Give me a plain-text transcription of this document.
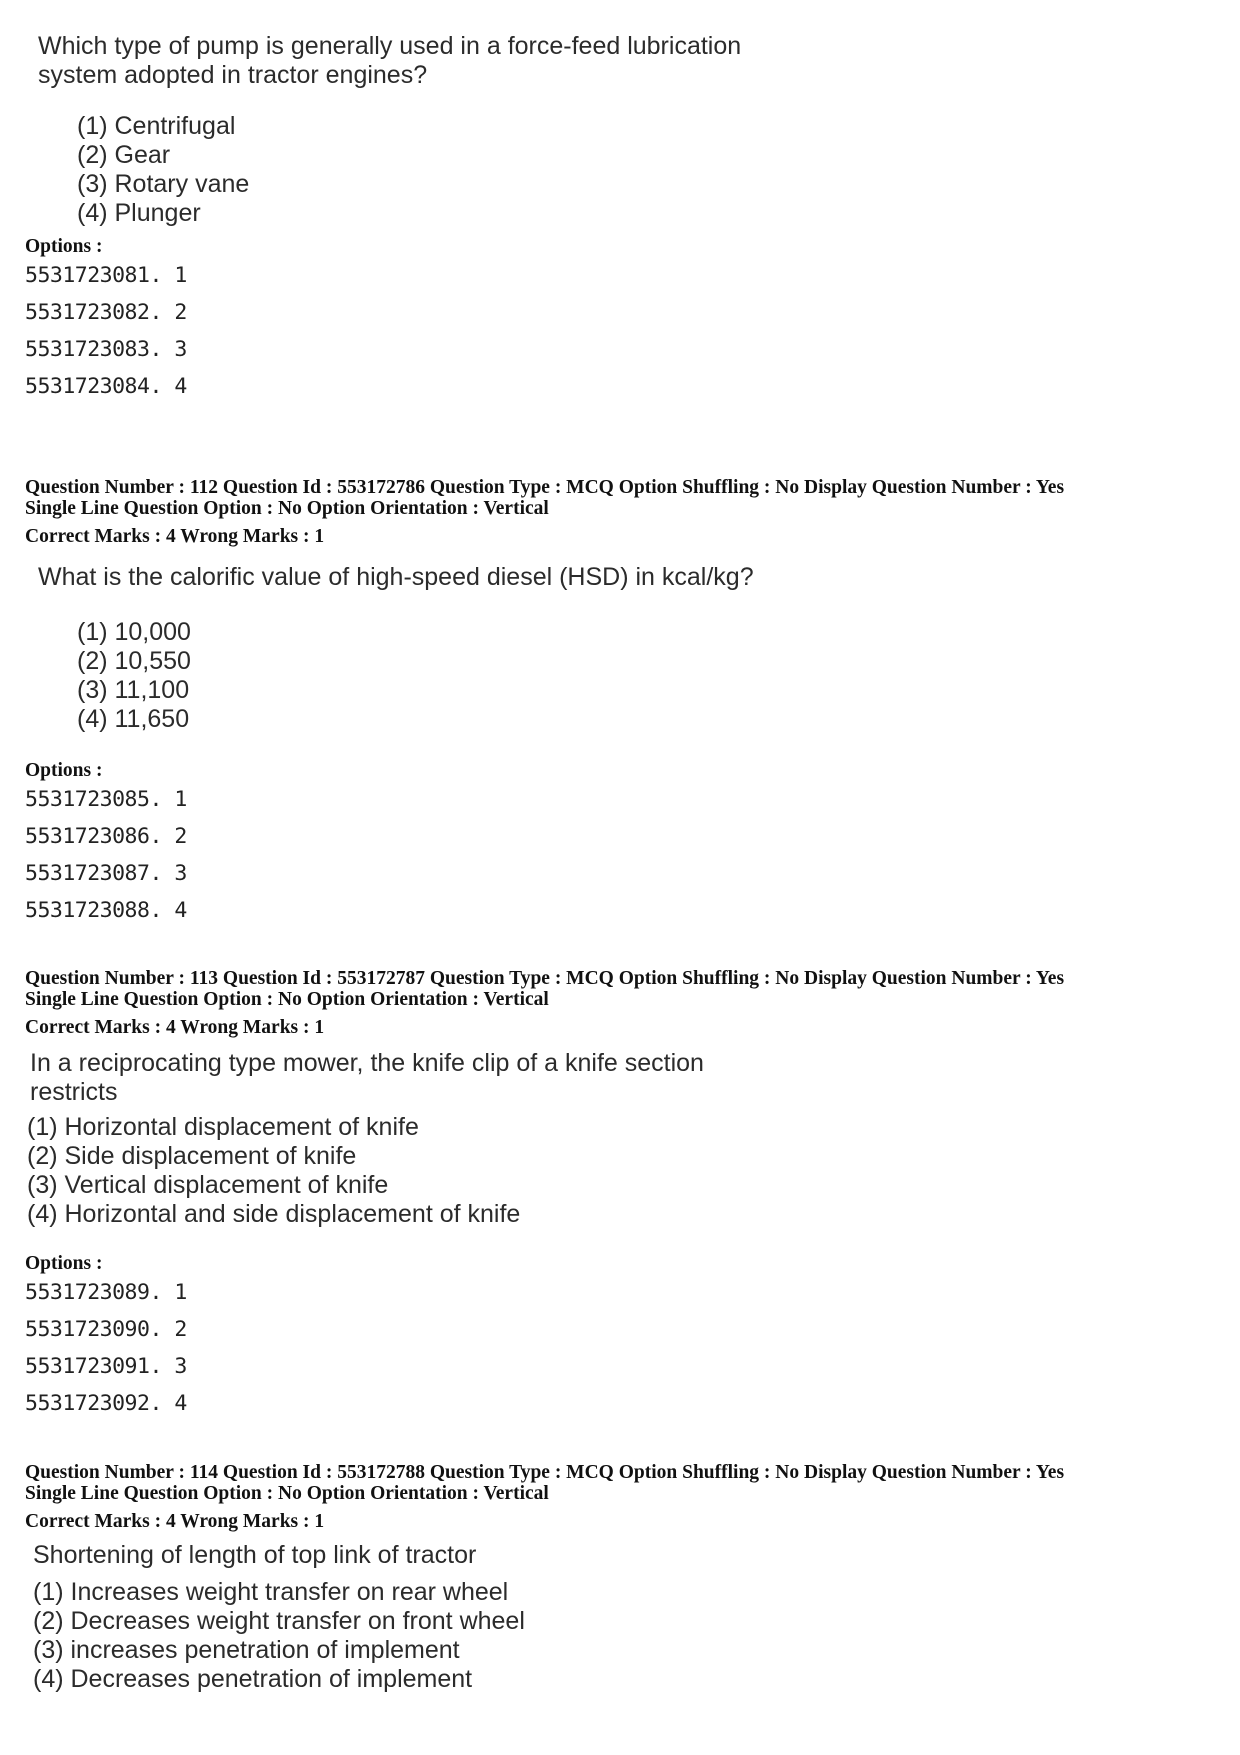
Which type of pump is generally used in a force-feed lubrication
system adopted in tractor engines?

(1) Centrifugal
(2) Gear
(3) Rotary vane
(4) Plunger

Options :

5531723081. 1
5531723082. 2
5531723083. 3
5531723084. 4
Question Number : 112 Question Id : 553172786 Question Type : MCQ Option Shuffling : No Display Question Number : Yes
Single Line Question Option : No Option Orientation : Vertical
Correct Marks : 4 Wrong Marks : 1

What is the calorific value of high-speed diesel (HSD) in kcal/kg?

(1) 10,000
(2) 10,550
(3) 11,100
(4) 11,650

Options :

5531723085. 1
5531723086. 2
5531723087. 3
5531723088. 4
Question Number : 113 Question Id : 553172787 Question Type : MCQ Option Shuffling : No Display Question Number : Yes
Single Line Question Option : No Option Orientation : Vertical
Correct Marks : 4 Wrong Marks : 1

In a reciprocating type mower, the knife clip of a knife section
restricts

(1) Horizontal displacement of knife
(2) Side displacement of knife
(3) Vertical displacement of knife
(4) Horizontal and side displacement of knife

Options :

5531723089. 1
5531723090. 2
5531723091. 3
5531723092. 4
Question Number : 114 Question Id : 553172788 Question Type : MCQ Option Shuffling : No Display Question Number : Yes
Single Line Question Option : No Option Orientation : Vertical
Correct Marks : 4 Wrong Marks : 1

Shortening of length of top link of tractor

(1) Increases weight transfer on rear wheel
(2) Decreases weight transfer on front wheel
(3) increases penetration of implement
(4) Decreases penetration of implement
